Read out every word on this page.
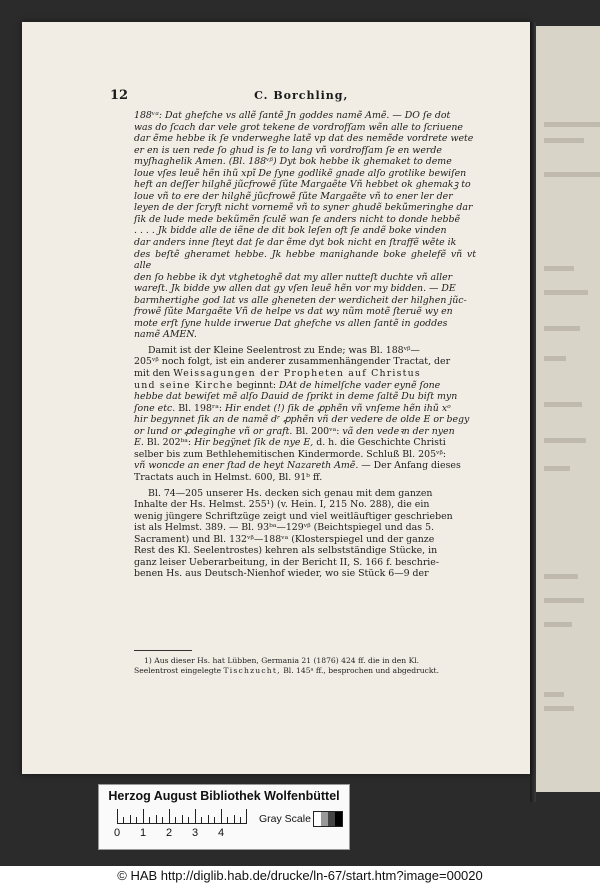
12	C. Borchling,

188ᵛᵃ: Dat ghefche vs allẽ ſantẽ Jn goddes namẽ Amẽ. — DO ſe dot

was do ſcach dar vele grot tekene de vordrofſam wẽn alle to ſcriuene

dar ẽme hebbe ik ſe vnderweghe latẽ vp dat des nemẽde vordrete wete

er en is uen rede ſo ghud is ſe to lang vñ vordrofſam ſe en werde

myſhaghelik Amen. (Bl. 188ᵛᵝ) Dyt bok hebbe ik ghemaket to deme

loue vſes leuẽ hẽn ihũ xpĩ De ſyne godlikẽ gnade alſo grotlike bewiſen

heft an deſſer hilghẽ jũcfrowẽ ſũte Margaẽte Vñ hebbet ok ghemakꝫ to

loue vñ to ere der hilghẽ jũcfrowẽ ſũte Margaẽte vñ to ener ler der

leyen de der ſcryft nicht vornemẽ vñ to syner ghudẽ bekũmeringhe dar

ſik de lude mede bekũmẽn ſculẽ wan ſe anders nicht to donde hebbẽ

. . . . Jk bidde alle de iẽne de dit bok leſen oft ſe andẽ boke vinden

dar anders inne ſteyt dat ſe dar ẽme dyt bok nicht en ſtraffẽ wẽte ik

des beſtẽ gheramet hebbe. Jk hebbe manighande boke ghelefẽ vñ vt alle

den ſo hebbe ik dyt vtghetoghẽ dat my aller nutteſt duchte vñ aller

wareſt. Jk bidde yw allen dat gy vſen leuẽ hẽn vor my bidden. — DE

barmhertighe god lat vs alle gheneten der werdicheit der hilghen jũc-

frowẽ ſũte Margaẽte Vñ de helpe vs dat wy nũm motẽ ſteruẽ wy en

mote erſt ſyne hulde irwerue Dat ghefche vs allen ſantẽ in goddes

namẽ AMEN.

Damit ist der Kleine Seelentrost zu Ende; was Bl. 188ᵛᵝ—

205ᵛᵝ noch folgt, ist ein anderer zusammenhängender Tractat, der

mit den Weissagungen der Propheten auf Christus

und seine Kirche beginnt: DAt de himelſche vader eynẽ ſone

hebbe dat bewiſet mẽ alſo Dauid de ſprikt in deme ſaltẽ Du biſt myn

ſone etc. Bl. 198ʳᵃ: Hir endet (!) ſik de ꝓphẽn vñ vnſeme hẽn ihũ xᵒ

hir begynnet ſik an de namẽ dʳ ꝓphẽn vñ der vedere de olde E or begy

or lund or ꝓdeginghe vñ or graft. Bl. 200ᵛᵃ: vã den vedeꝛn der nyen

E. Bl. 202ᵇᵃ: Hir begÿnet ſik de nye E, d. h. die Geschichte Christi

selber bis zum Bethlehemitischen Kindermorde. Schluß Bl. 205ᵛᵝ:

vñ woncde an ener ſtad de heyt Nazareth Amẽ. — Der Anfang dieses

Tractats auch in Helmst. 600, Bl. 91ᵇ ff.

Bl. 74—205 unserer Hs. decken sich genau mit dem ganzen

Inhalte der Hs. Helmst. 255¹) (v. Hein. I, 215 No. 288), die ein

wenig jüngere Schriftzüge zeigt und viel weitläuftiger geschrieben

ist als Helmst. 389. — Bl. 93ᵇᵃ—129ᵛᵝ (Beichtspiegel und das 5.

Sacrament) und Bl. 132ᵛᵝ—188ᵛᵃ (Klosterspiegel und der ganze

Rest des Kl. Seelentrostes) kehren als selbstständige Stücke, in

ganz leiser Ueberarbeitung, in der Bericht II, S. 166 f. beschrie-

benen Hs. aus Deutsch-Nienhof wieder, wo sie Stück 6—9 der

1) Aus dieser Hs. hat Lübben, Germania 21 (1876) 424 ff. die in den Kl.

Seelentrost eingelegte Tischzucht, Bl. 145ᵃ ff., besprochen und abgedruckt.

Herzog August Bibliothek Wolfenbüttel
0 1 2 3 4
Gray Scale
© HAB http://diglib.hab.de/drucke/ln-67/start.htm?image=00020
